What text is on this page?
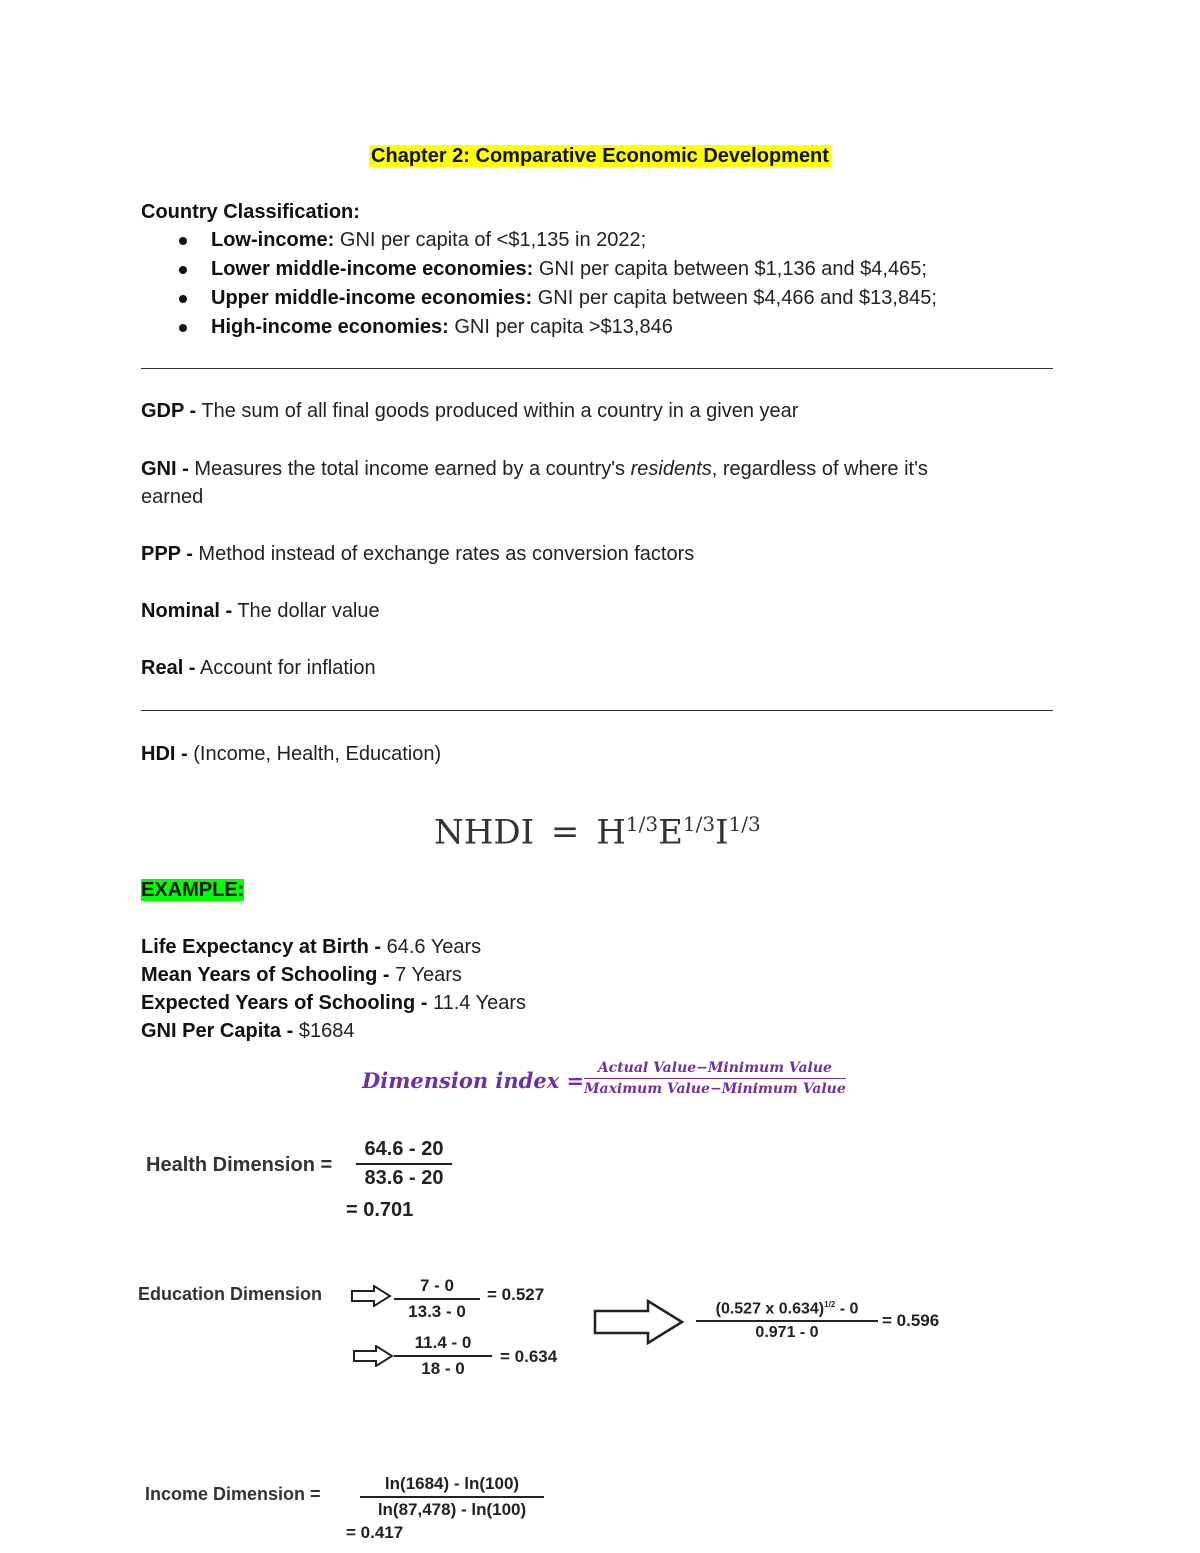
Chapter 2: Comparative Economic Development
Country Classification:
Low-income: GNI per capita of <$1,135 in 2022;
Lower middle-income economies: GNI per capita between $1,136 and $4,465;
Upper middle-income economies: GNI per capita between $4,466 and $13,845;
High-income economies: GNI per capita >$13,846
GDP - The sum of all final goods produced within a country in a given year
GNI - Measures the total income earned by a country's residents, regardless of where it's
earned
PPP - Method instead of exchange rates as conversion factors
Nominal - The dollar value
Real - Account for inflation
HDI - (Income, Health, Education)
NHDI = $H^{1/3}E^{1/3}I^{1/3}$
EXAMPLE:
Life Expectancy at Birth - 64.6 Years
Mean Years of Schooling - 7 Years
Expected Years of Schooling - 11.4 Years
GNI Per Capita - $1684
Dimension index = Actual Value−Minimum Value
Maximum Value−Minimum Value
Health Dimension =
64.6 - 20
83.6 - 20
= 0.701
Education Dimension	7 - 0
13.3 - 0
= 0.527
11.4 - 0
18 - 0
= 0.634
(0.527 x 0.634)$^{1/2}$ - 0
0.971 - 0
= 0.596
Income Dimension =
ln(1684) - ln(100)
ln(87,478) - ln(100)
= 0.417
